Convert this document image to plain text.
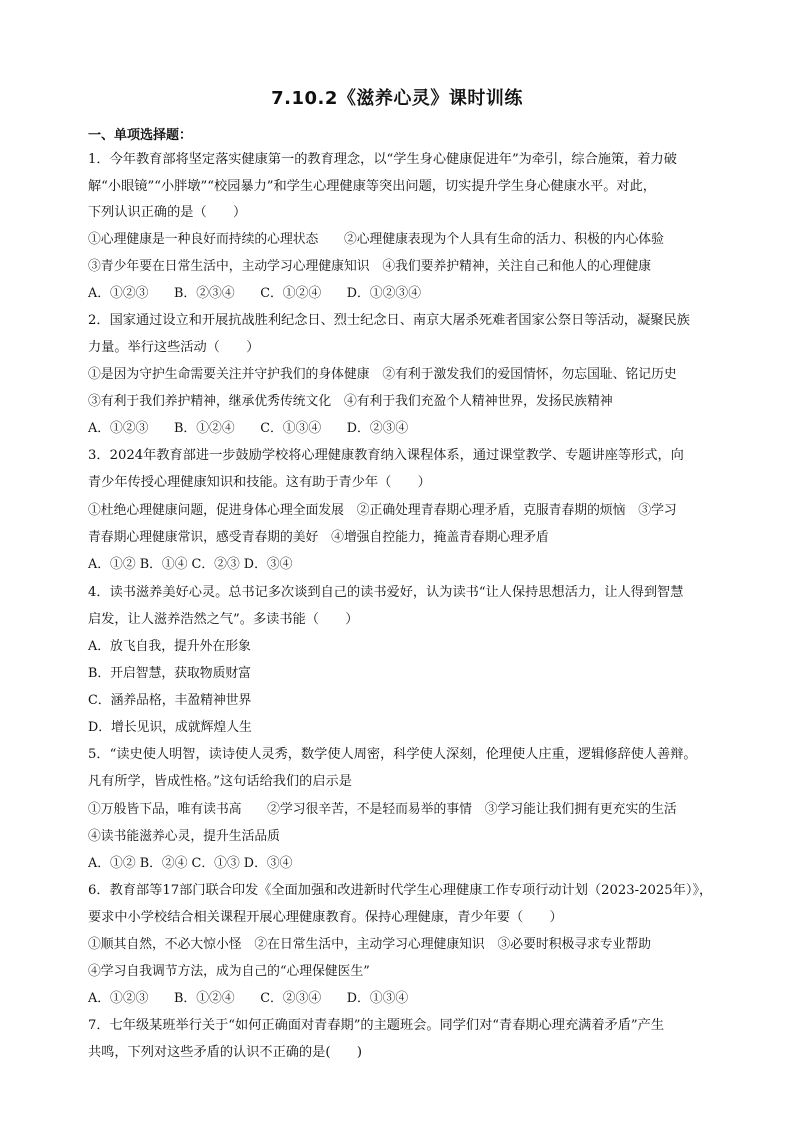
7.10.2《滋养心灵》课时训练
一、单项选择题：
1．今年教育部将坚定落实健康第一的教育理念，以“学生身心健康促进年”为牵引，综合施策，着力破
解“小眼镜”“小胖墩”“校园暴力”和学生心理健康等突出问题，切实提升学生身心健康水平。对此，
下列认识正确的是（　　）
①心理健康是一种良好而持续的心理状态　　②心理健康表现为个人具有生命的活力、积极的内心体验
③青少年要在日常生活中，主动学习心理健康知识　④我们要养护精神，关注自己和他人的心理健康
A．①②③　　B．②③④　　C．①②④　　D．①②③④
2．国家通过设立和开展抗战胜利纪念日、烈士纪念日、南京大屠杀死难者国家公祭日等活动，凝聚民族
力量。举行这些活动（　　）
①是因为守护生命需要关注并守护我们的身体健康　②有利于激发我们的爱国情怀，勿忘国耻、铭记历史
③有利于我们养护精神，继承优秀传统文化　④有利于我们充盈个人精神世界，发扬民族精神
A．①②③　　B．①②④　　C．①③④　　D．②③④
3．2024年教育部进一步鼓励学校将心理健康教育纳入课程体系，通过课堂教学、专题讲座等形式，向
青少年传授心理健康知识和技能。这有助于青少年（　　）
①杜绝心理健康问题，促进身体心理全面发展　②正确处理青春期心理矛盾，克服青春期的烦恼　③学习
青春期心理健康常识，感受青春期的美好　④增强自控能力，掩盖青春期心理矛盾
A．①② B．①④ C．②③ D．③④
4．读书滋养美好心灵。总书记多次谈到自己的读书爱好，认为读书“让人保持思想活力，让人得到智慧
启发，让人滋养浩然之气”。多读书能（　　）
A．放飞自我，提升外在形象
B．开启智慧，获取物质财富
C．涵养品格，丰盈精神世界
D．增长见识，成就辉煌人生
5．“读史使人明智，读诗使人灵秀，数学使人周密，科学使人深刻，伦理使人庄重，逻辑修辞使人善辩。
凡有所学，皆成性格。”这句话给我们的启示是
①万般皆下品，唯有读书高　　②学习很辛苦，不是轻而易举的事情　③学习能让我们拥有更充实的生活
④读书能滋养心灵，提升生活品质
A．①② B．②④ C．①③ D．③④
6．教育部等17部门联合印发《全面加强和改进新时代学生心理健康工作专项行动计划（2023-2025年）》，
要求中小学校结合相关课程开展心理健康教育。保持心理健康，青少年要（　　）
①顺其自然，不必大惊小怪　②在日常生活中，主动学习心理健康知识　③必要时积极寻求专业帮助
④学习自我调节方法，成为自己的“心理保健医生”
A．①②③　　B．①②④　　C．②③④　　D．①③④
7．七年级某班举行关于“如何正确面对青春期”的主题班会。同学们对“青春期心理充满着矛盾”产生
共鸣，下列对这些矛盾的认识不正确的是(　　)
